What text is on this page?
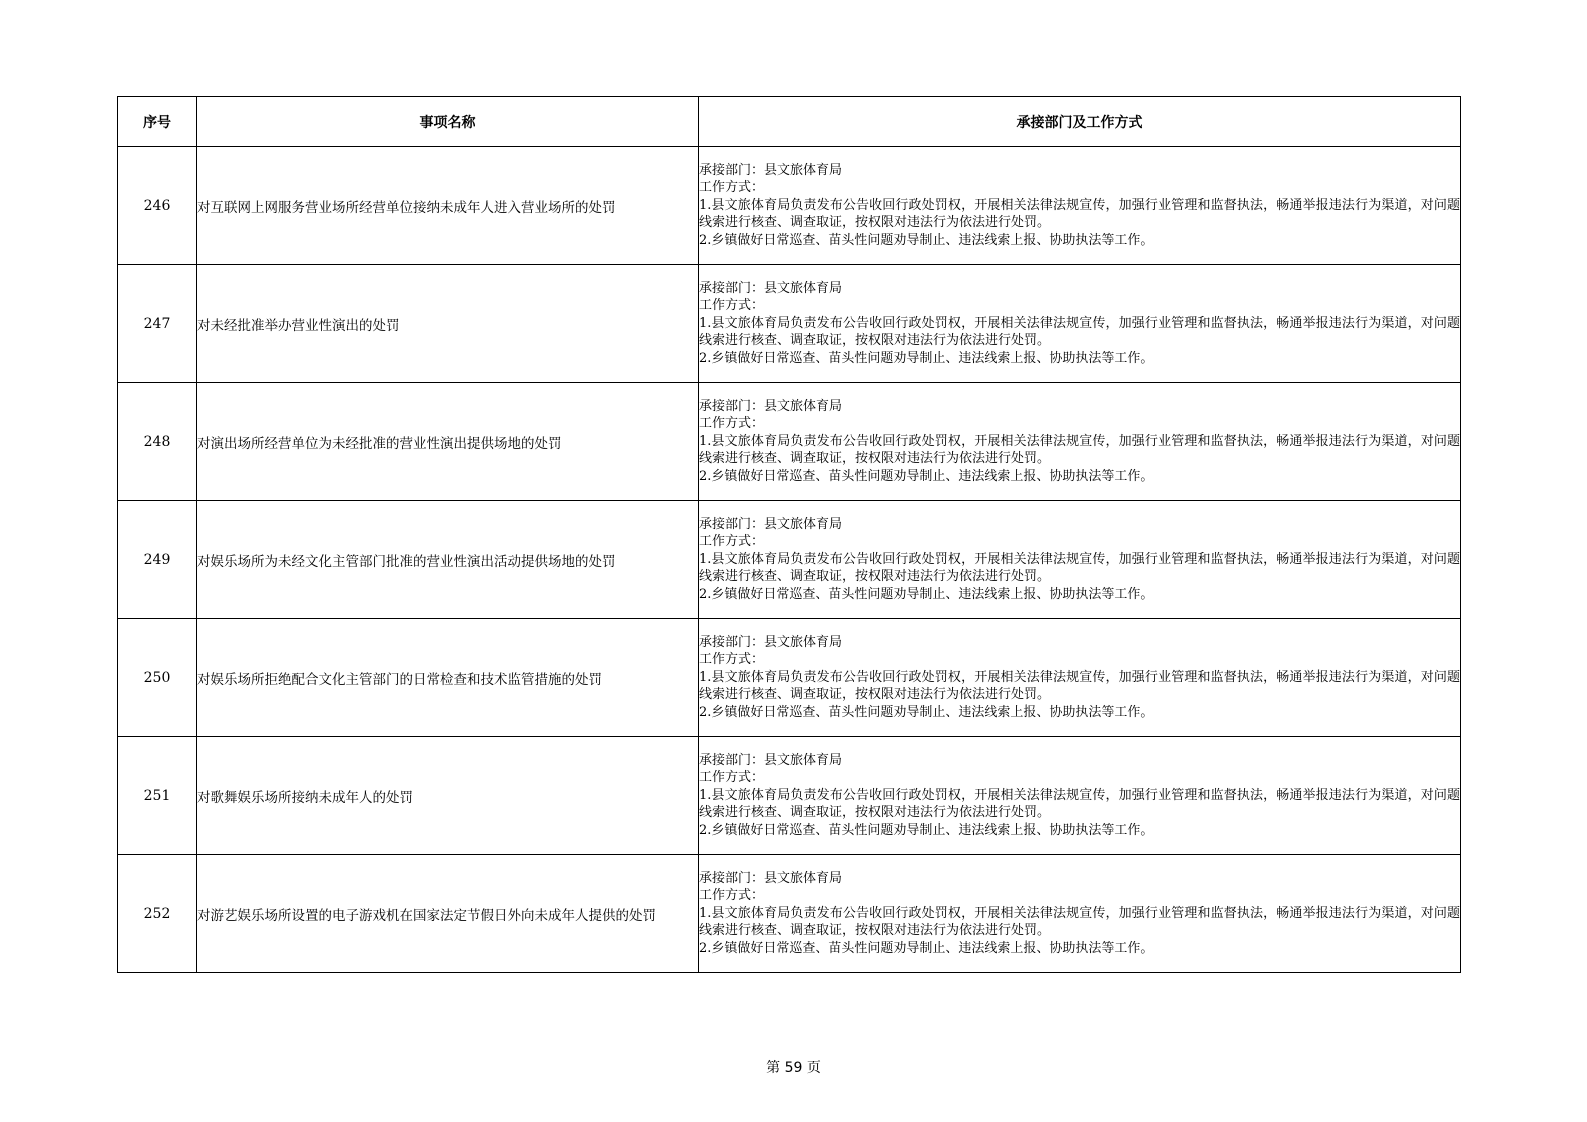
序号	事项名称	承接部门及工作方式
246	对互联网上网服务营业场所经营单位接纳未成年人进入营业场所的处罚	承接部门：县文旅体育局
工作方式：
1.县文旅体育局负责发布公告收回行政处罚权，开展相关法律法规宣传，加强行业管理和监督执法，畅通举报违法行为渠道，对问题线索进行核查、调查取证，按权限对违法行为依法进行处罚。
2.乡镇做好日常巡查、苗头性问题劝导制止、违法线索上报、协助执法等工作。

247	对未经批准举办营业性演出的处罚	承接部门：县文旅体育局
工作方式：
1.县文旅体育局负责发布公告收回行政处罚权，开展相关法律法规宣传，加强行业管理和监督执法，畅通举报违法行为渠道，对问题线索进行核查、调查取证，按权限对违法行为依法进行处罚。
2.乡镇做好日常巡查、苗头性问题劝导制止、违法线索上报、协助执法等工作。

248	对演出场所经营单位为未经批准的营业性演出提供场地的处罚	承接部门：县文旅体育局
工作方式：
1.县文旅体育局负责发布公告收回行政处罚权，开展相关法律法规宣传，加强行业管理和监督执法，畅通举报违法行为渠道，对问题线索进行核查、调查取证，按权限对违法行为依法进行处罚。
2.乡镇做好日常巡查、苗头性问题劝导制止、违法线索上报、协助执法等工作。

249	对娱乐场所为未经文化主管部门批准的营业性演出活动提供场地的处罚	承接部门：县文旅体育局
工作方式：
1.县文旅体育局负责发布公告收回行政处罚权，开展相关法律法规宣传，加强行业管理和监督执法，畅通举报违法行为渠道，对问题线索进行核查、调查取证，按权限对违法行为依法进行处罚。
2.乡镇做好日常巡查、苗头性问题劝导制止、违法线索上报、协助执法等工作。

250	对娱乐场所拒绝配合文化主管部门的日常检查和技术监管措施的处罚	承接部门：县文旅体育局
工作方式：
1.县文旅体育局负责发布公告收回行政处罚权，开展相关法律法规宣传，加强行业管理和监督执法，畅通举报违法行为渠道，对问题线索进行核查、调查取证，按权限对违法行为依法进行处罚。
2.乡镇做好日常巡查、苗头性问题劝导制止、违法线索上报、协助执法等工作。

251	对歌舞娱乐场所接纳未成年人的处罚	承接部门：县文旅体育局
工作方式：
1.县文旅体育局负责发布公告收回行政处罚权，开展相关法律法规宣传，加强行业管理和监督执法，畅通举报违法行为渠道，对问题线索进行核查、调查取证，按权限对违法行为依法进行处罚。
2.乡镇做好日常巡查、苗头性问题劝导制止、违法线索上报、协助执法等工作。

252	对游艺娱乐场所设置的电子游戏机在国家法定节假日外向未成年人提供的处罚	承接部门：县文旅体育局
工作方式：
1.县文旅体育局负责发布公告收回行政处罚权，开展相关法律法规宣传，加强行业管理和监督执法，畅通举报违法行为渠道，对问题线索进行核查、调查取证，按权限对违法行为依法进行处罚。
2.乡镇做好日常巡查、苗头性问题劝导制止、违法线索上报、协助执法等工作。
第 59 页
